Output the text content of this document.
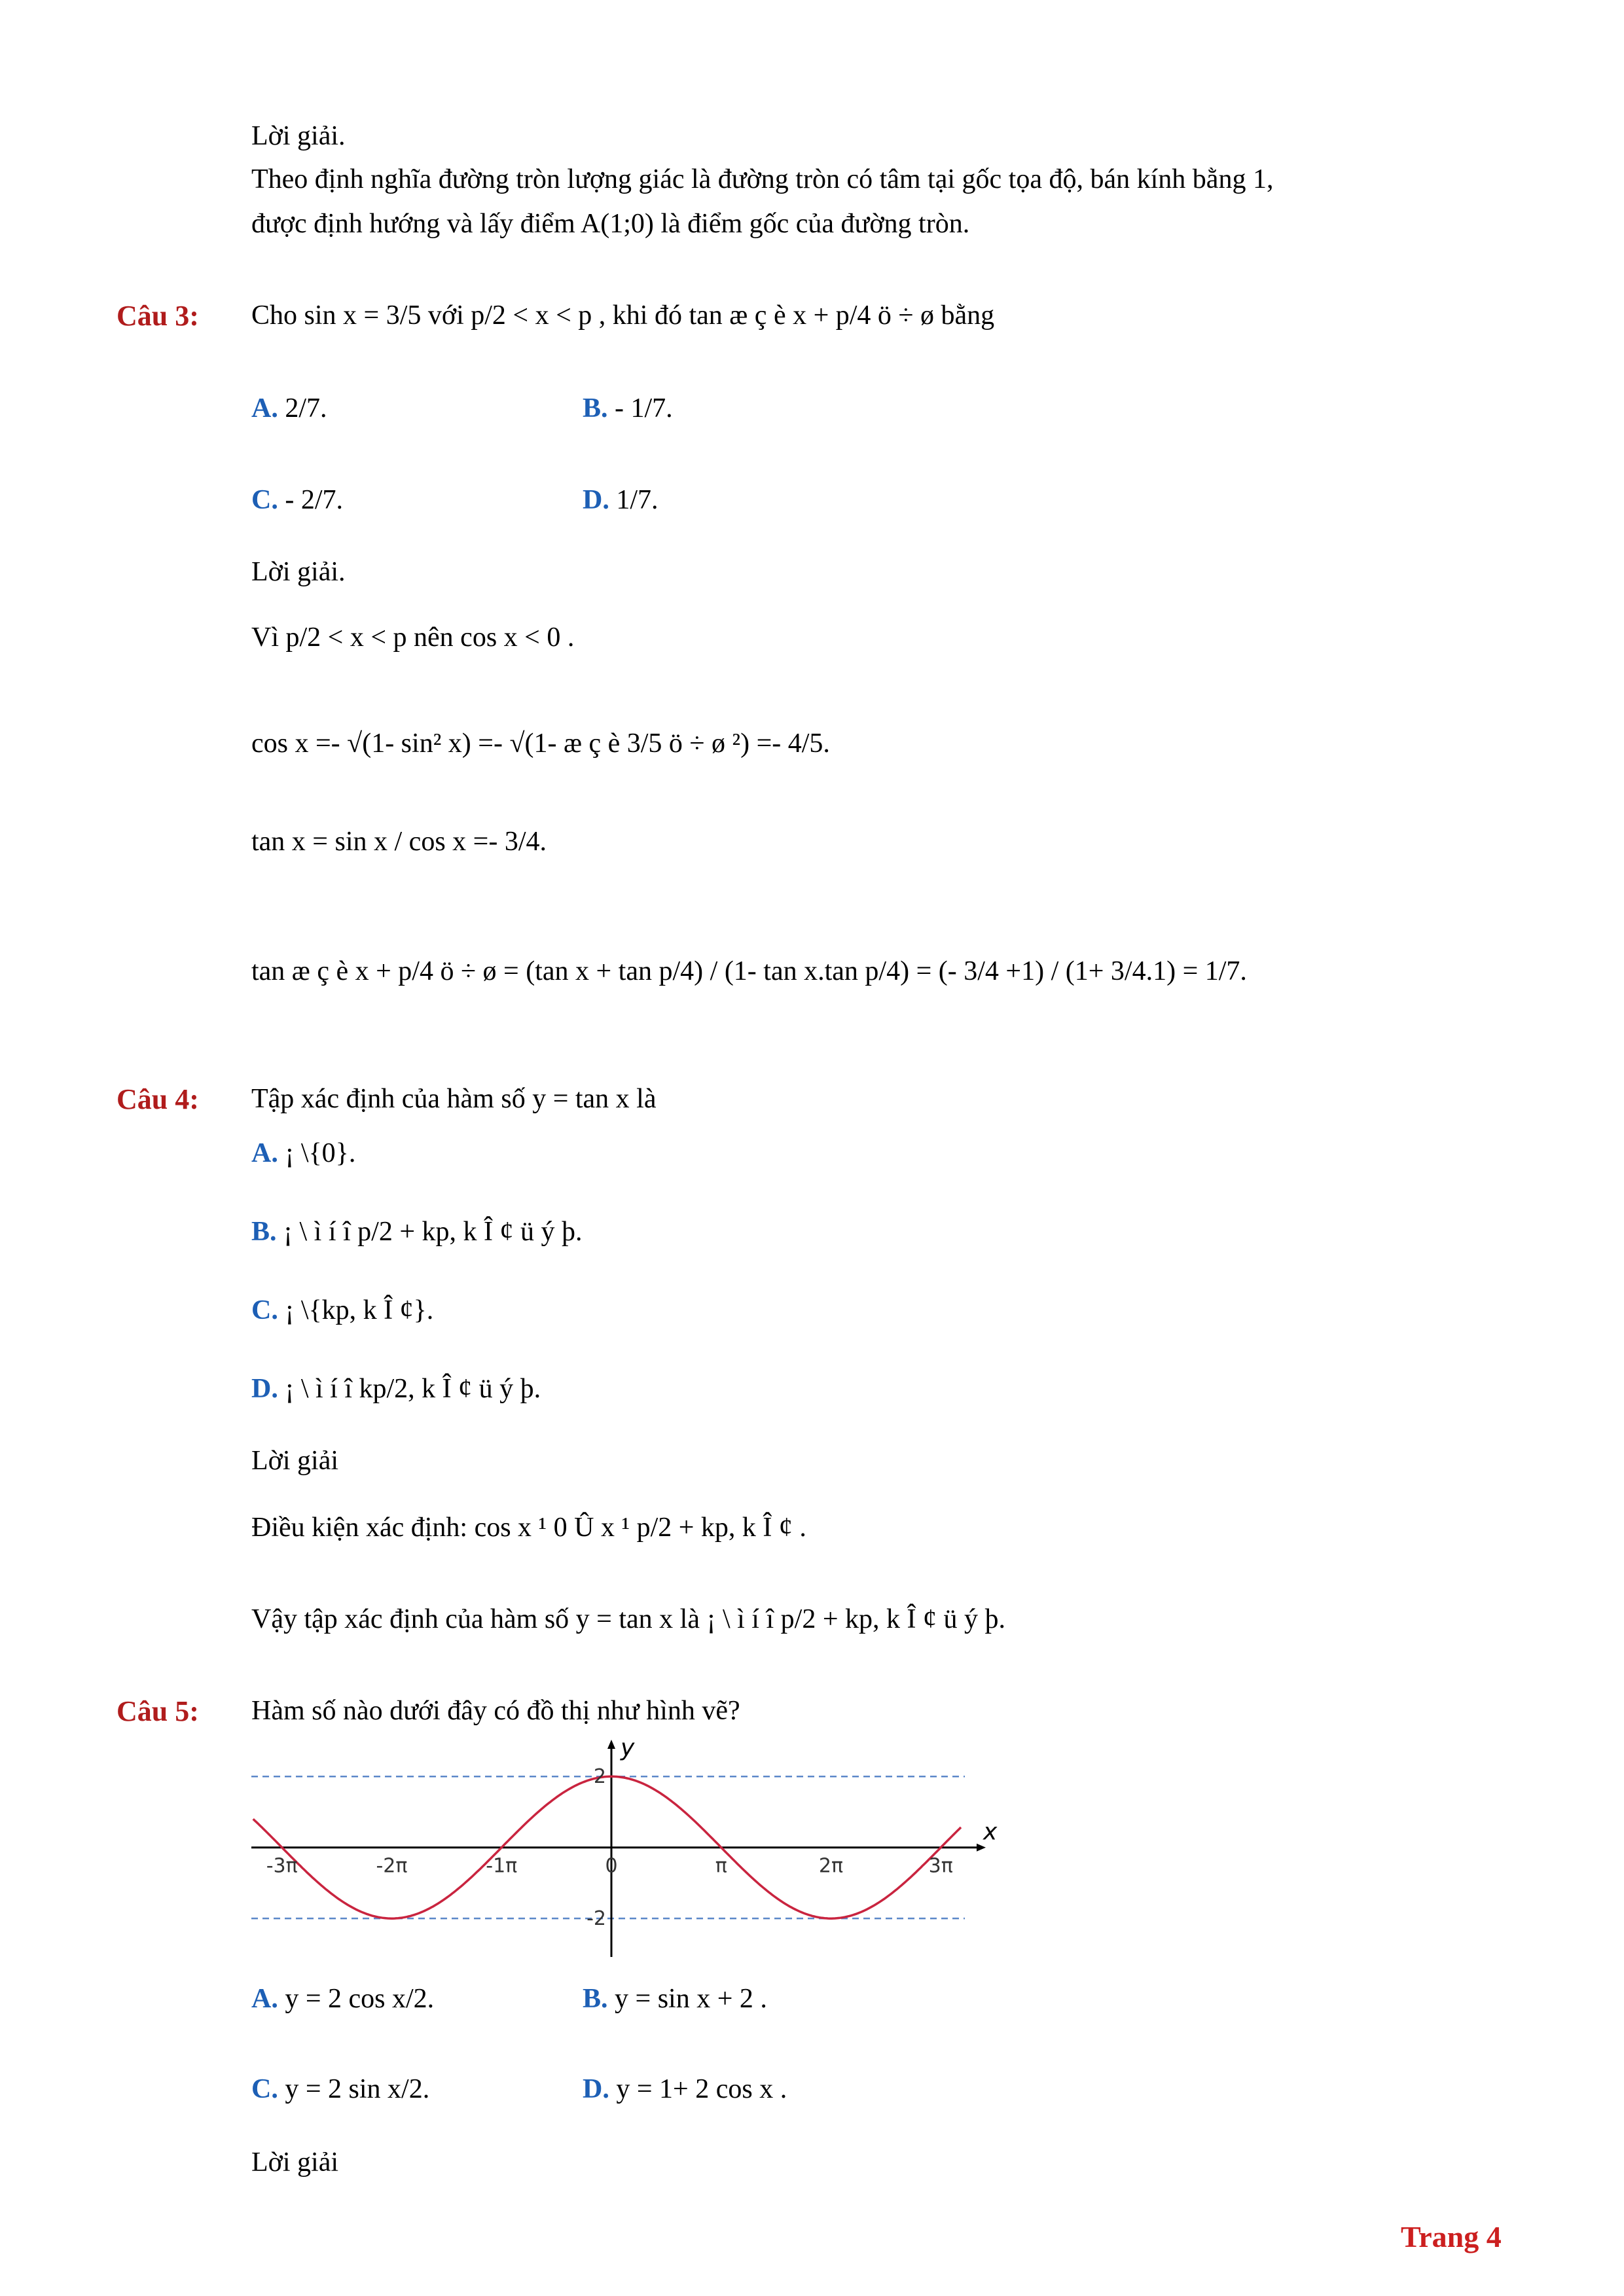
Lời giải.
Theo định nghĩa đường tròn lượng giác là đường tròn có tâm tại gốc tọa độ, bán kính bằng 1,
được định hướng và lấy điểm A(1;0) là điểm gốc của đường tròn.
Câu 3: Cho sin x = 3/5 với p/2 < x < p , khi đó tan æ ç è x + p/4 ö ÷ ø bằng
A. 2/7.	B. - 1/7.
C. - 2/7.	D. 1/7.
Lời giải.
Vì p/2 < x < p nên cos x < 0 .
cos x =- √(1- sin² x) =- √(1- æ ç è 3/5 ö ÷ ø ²) =- 4/5.
tan x = sin x / cos x =- 3/4.
tan æ ç è x + p/4 ö ÷ ø = (tan x + tan p/4) / (1- tan x.tan p/4) = (- 3/4 +1) / (1+ 3/4.1) = 1/7.
Câu 4: Tập xác định của hàm số y = tan x là
A. ¡ \{0}.
B. ¡ \ ì í î p/2 + kp, k Î ¢ ü ý þ.
C. ¡ \{kp, k Î ¢}.
D. ¡ \ ì í î kp/2, k Î ¢ ü ý þ.
Lời giải
Điều kiện xác định: cos x ¹ 0 Û x ¹ p/2 + kp, k Î ¢ .
Vậy tập xác định của hàm số y = tan x là ¡ \ ì í î p/2 + kp, k Î ¢ ü ý þ.
Câu 5: Hàm số nào dưới đây có đồ thị như hình vẽ?
x
y
-3π	-2π	-1π	0	π	2π	3π
2
-2
A. y = 2 cos x/2.	B. y = sin x + 2 .
C. y = 2 sin x/2.	D. y = 1+ 2 cos x .
Lời giải
Trang 4
